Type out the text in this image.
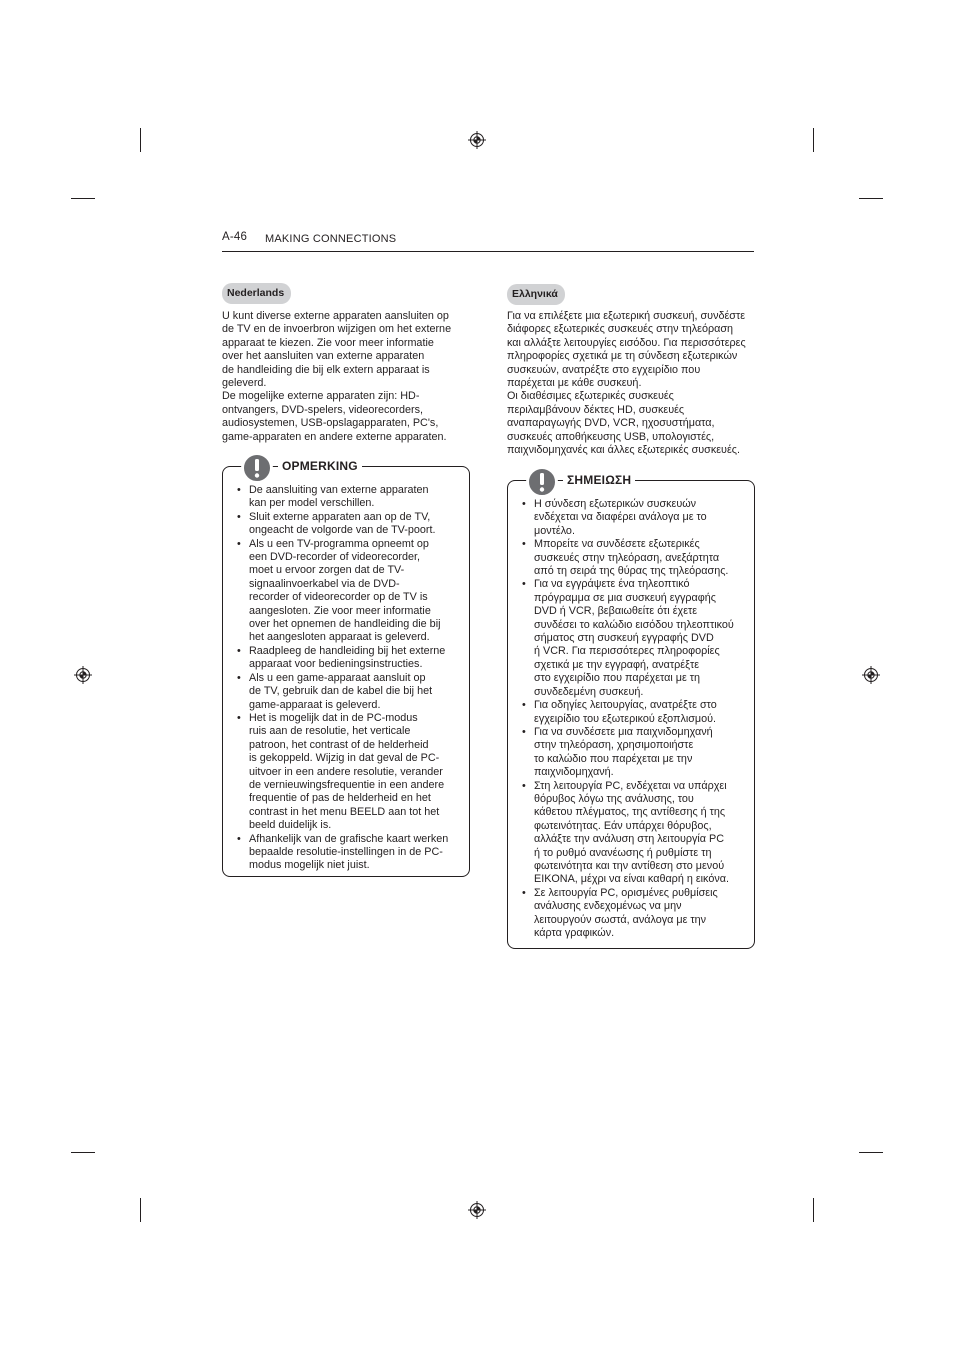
A-46 MAKING CONNECTIONS
Nederlands
U kunt diverse externe apparaten aansluiten op
de TV en de invoerbron wijzigen om het externe
apparaat te kiezen. Zie voor meer informatie
over het aansluiten van externe apparaten
de handleiding die bij elk extern apparaat is
geleverd.
De mogelijke externe apparaten zijn: HD-
ontvangers, DVD-spelers, videorecorders,
audiosystemen, USB-opslagapparaten, PC's,
game-apparaten en andere externe apparaten.
OPMERKING
• De aansluiting van externe apparaten
kan per model verschillen.
• Sluit externe apparaten aan op de TV,
ongeacht de volgorde van de TV-poort.
• Als u een TV-programma opneemt op
een DVD-recorder of videorecorder,
moet u ervoor zorgen dat de TV-
signaalinvoerkabel via de DVD-
recorder of videorecorder op de TV is
aangesloten. Zie voor meer informatie
over het opnemen de handleiding die bij
het aangesloten apparaat is geleverd.
• Raadpleeg de handleiding bij het externe
apparaat voor bedieningsinstructies.
• Als u een game-apparaat aansluit op
de TV, gebruik dan de kabel die bij het
game-apparaat is geleverd.
• Het is mogelijk dat in de PC-modus
ruis aan de resolutie, het verticale
patroon, het contrast of de helderheid
is gekoppeld. Wijzig in dat geval de PC-
uitvoer in een andere resolutie, verander
de vernieuwingsfrequentie in een andere
frequentie of pas de helderheid en het
contrast in het menu BEELD aan tot het
beeld duidelijk is.
• Afhankelijk van de grafische kaart werken
bepaalde resolutie-instellingen in de PC-
modus mogelijk niet juist.
Ελληνικά
Για να επιλέξετε μια εξωτερική συσκευή, συνδέστε
διάφορες εξωτερικές συσκευές στην τηλεόραση
και αλλάξτε λειτουργίες εισόδου. Για περισσότερες
πληροφορίες σχετικά με τη σύνδεση εξωτερικών
συσκευών, ανατρέξτε στο εγχειρίδιο που
παρέχεται με κάθε συσκευή.
Οι διαθέσιμες εξωτερικές συσκευές
περιλαμβάνουν δέκτες HD, συσκευές
αναπαραγωγής DVD, VCR, ηχοσυστήματα,
συσκευές αποθήκευσης USB, υπολογιστές,
παιχνιδομηχανές και άλλες εξωτερικές συσκευές.
ΣΗΜΕΙΩΣΗ
• Η σύνδεση εξωτερικών συσκευών
ενδέχεται να διαφέρει ανάλογα με το
μοντέλο.
• Μπορείτε να συνδέσετε εξωτερικές
συσκευές στην τηλεόραση, ανεξάρτητα
από τη σειρά της θύρας της τηλεόρασης.
• Για να εγγράψετε ένα τηλεοπτικό
πρόγραμμα σε μια συσκευή εγγραφής
DVD ή VCR, βεβαιωθείτε ότι έχετε
συνδέσει το καλώδιο εισόδου τηλεοπτικού
σήματος στη συσκευή εγγραφής DVD
ή VCR. Για περισσότερες πληροφορίες
σχετικά με την εγγραφή, ανατρέξτε
στο εγχειρίδιο που παρέχεται με τη
συνδεδεμένη συσκευή.
• Για οδηγίες λειτουργίας, ανατρέξτε στο
εγχειρίδιο του εξωτερικού εξοπλισμού.
• Για να συνδέσετε μια παιχνιδομηχανή
στην τηλεόραση, χρησιμοποιήστε
το καλώδιο που παρέχεται με την
παιχνιδομηχανή.
• Στη λειτουργία PC, ενδέχεται να υπάρχει
θόρυβος λόγω της ανάλυσης, του
κάθετου πλέγματος, της αντίθεσης ή της
φωτεινότητας. Εάν υπάρχει θόρυβος,
αλλάξτε την ανάλυση στη λειτουργία PC
ή το ρυθμό ανανέωσης ή ρυθμίστε τη
φωτεινότητα και την αντίθεση στο μενού
EIKONA, μέχρι να είναι καθαρή η εικόνα.
• Σε λειτουργία PC, ορισμένες ρυθμίσεις
ανάλυσης ενδεχομένως να μην
λειτουργούν σωστά, ανάλογα με την
κάρτα γραφικών.
